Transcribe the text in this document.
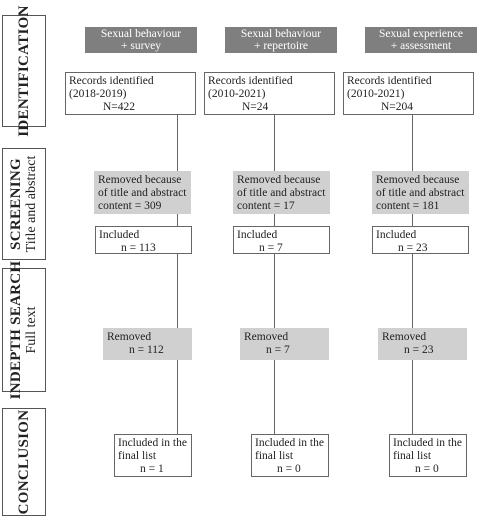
IDENTIFICATION
SCREENING Title and abstract
INDEPTH SEARCH Full text
CONCLUSION
Sexual behaviour
+ survey
Records identified
(2018-2019)
N=422
Removed because
of title and abstract
content = 309
Included
n = 113
Removed
n = 112
Included in the
final list
n = 1
Sexual behaviour
+ repertoire
Records identified
(2010-2021)
N=24
Removed because
of title and abstract
content = 17
Included
n = 7
Removed
n = 7
Included in the
final list
n = 0
Sexual experience
+ assessment
Records identified
(2010-2021)
N=204
Removed because
of title and abstract
content = 181
Included
n = 23
Removed
n = 23
Included in the
final list
n = 0
